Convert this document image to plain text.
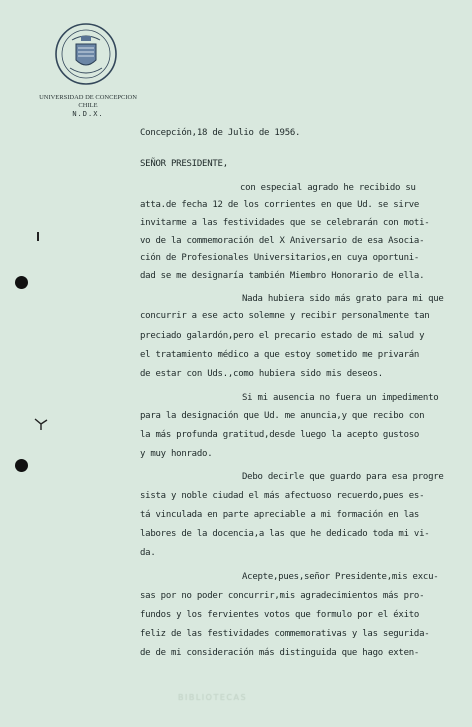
UNIVERSIDAD DE CONCEPCION
CHILE
N.D.X.
Concepción,18 de Julio de 1956.
SEÑOR PRESIDENTE,
con especial agrado he recibido su
atta.de fecha 12 de los corrientes en que Ud. se sirve
invitarme a las festividades que se celebrarán con moti-
vo de la commemoración del X Aniversario de esa Asocia-
ción de Profesionales Universitarios,en cuya oportuni-
dad se me designaría también Miembro Honorario de ella.
Nada hubiera sido más grato para mi que
concurrir a ese acto solemne y recibir personalmente tan
preciado galardón,pero el precario estado de mi salud y
el tratamiento médico a que estoy sometido me privarán
de estar con Uds.,como hubiera sido mis deseos.
Si mi ausencia no fuera un impedimento
para la designación que Ud. me anuncia,y que recibo con
la más profunda gratitud,desde luego la acepto gustoso
y muy honrado.
Debo decirle que guardo para esa progre
sista y noble ciudad el más afectuoso recuerdo,pues es-
tá vinculada en parte apreciable a mi formación en las
labores de la docencia,a las que he dedicado toda mi vi-
da.
Acepte,pues,señor Presidente,mis excu-
sas por no poder concurrir,mis agradecimientos más pro-
fundos y los fervientes votos que formulo por el éxito
feliz de las festividades commemorativas y las segurida-
de de mi consideración más distinguida que hago exten-
BIBLIOTECAS
